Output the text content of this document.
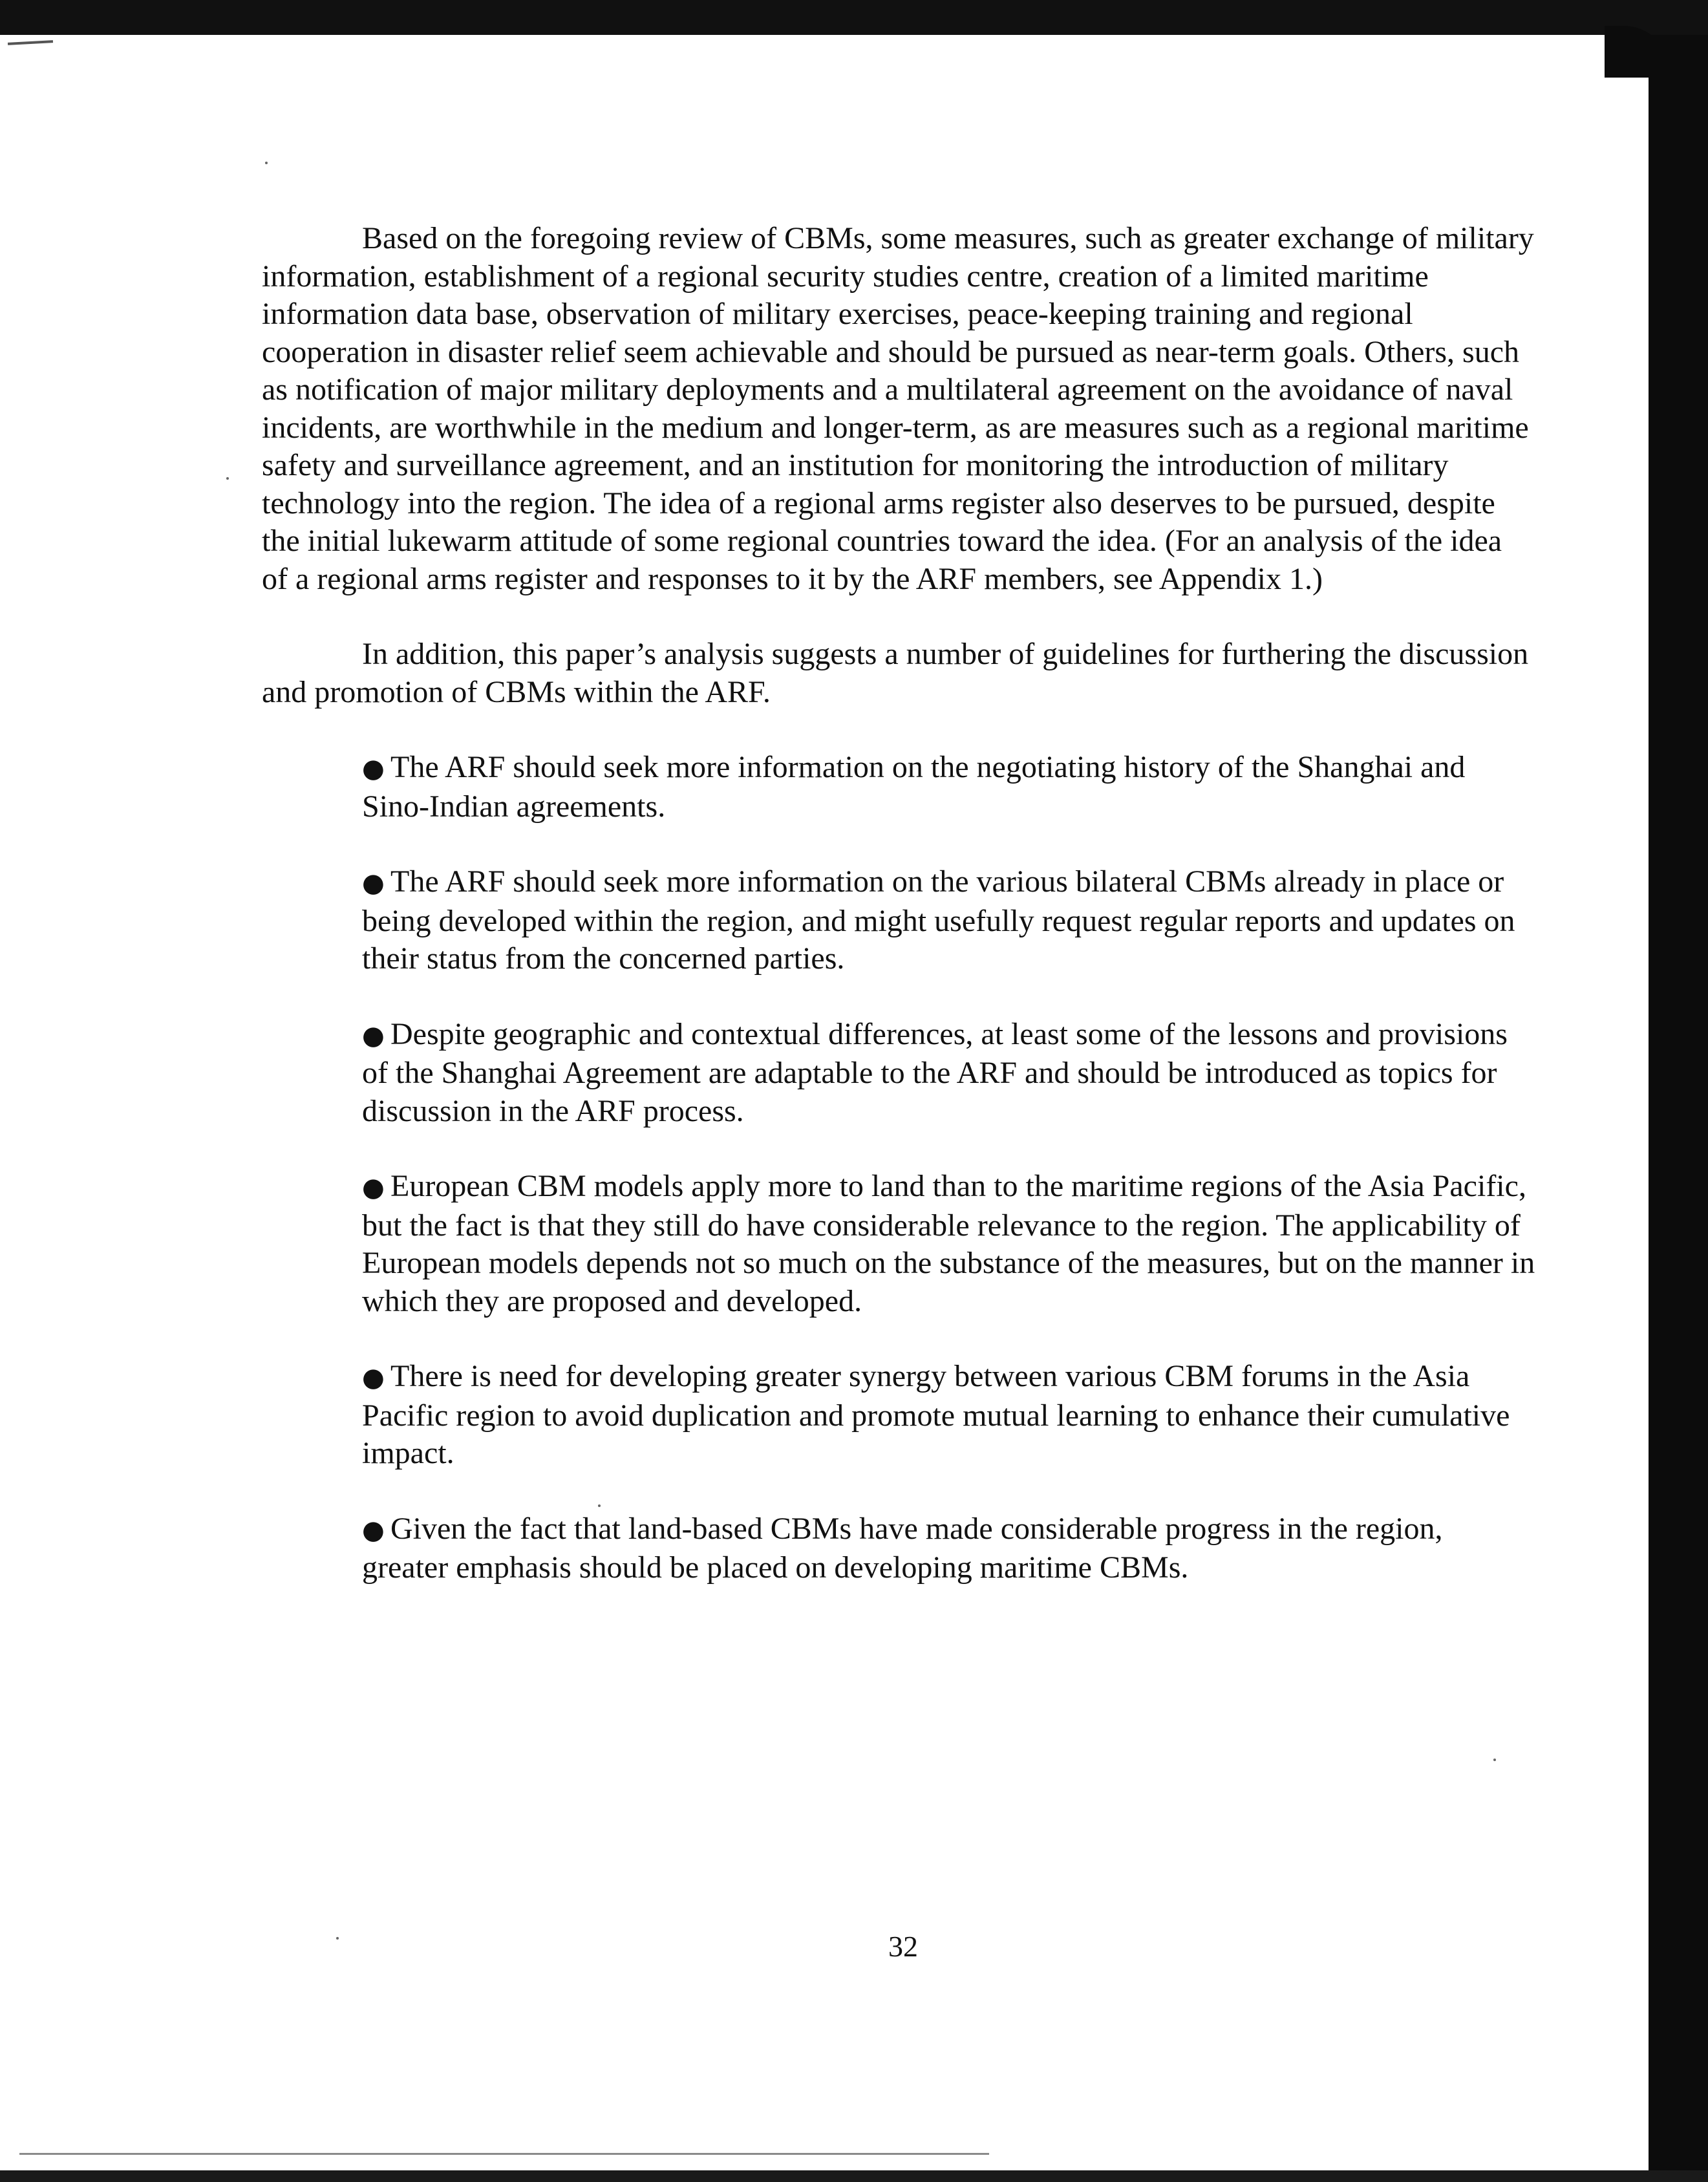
Based on the foregoing review of CBMs, some measures, such as greater exchange of military information, establishment of a regional security studies centre, creation of a limited maritime information data base, observation of military exercises, peace-keeping training and regional cooperation in disaster relief seem achievable and should be pursued as near-term goals. Others, such as notification of major military deployments and a multilateral agreement on the avoidance of naval incidents, are worthwhile in the medium and longer-term, as are measures such as a regional maritime safety and surveillance agreement, and an institution for monitoring the introduction of military technology into the region. The idea of a regional arms register also deserves to be pursued, despite the initial lukewarm attitude of some regional countries toward the idea. (For an analysis of the idea of a regional arms register and responses to it by the ARF members, see Appendix 1.)

In addition, this paper’s analysis suggests a number of guidelines for furthering the discussion and promotion of CBMs within the ARF.

● The ARF should seek more information on the negotiating history of the Shanghai and Sino-Indian agreements.
● The ARF should seek more information on the various bilateral CBMs already in place or being developed within the region, and might usefully request regular reports and updates on their status from the concerned parties.
● Despite geographic and contextual differences, at least some of the lessons and provisions of the Shanghai Agreement are adaptable to the ARF and should be introduced as topics for discussion in the ARF process.
● European CBM models apply more to land than to the maritime regions of the Asia Pacific, but the fact is that they still do have considerable relevance to the region. The applicability of European models depends not so much on the substance of the measures, but on the manner in which they are proposed and developed.
● There is need for developing greater synergy between various CBM forums in the Asia Pacific region to avoid duplication and promote mutual learning to enhance their cumulative impact.
● Given the fact that land-based CBMs have made considerable progress in the region, greater emphasis should be placed on developing maritime CBMs.
32
